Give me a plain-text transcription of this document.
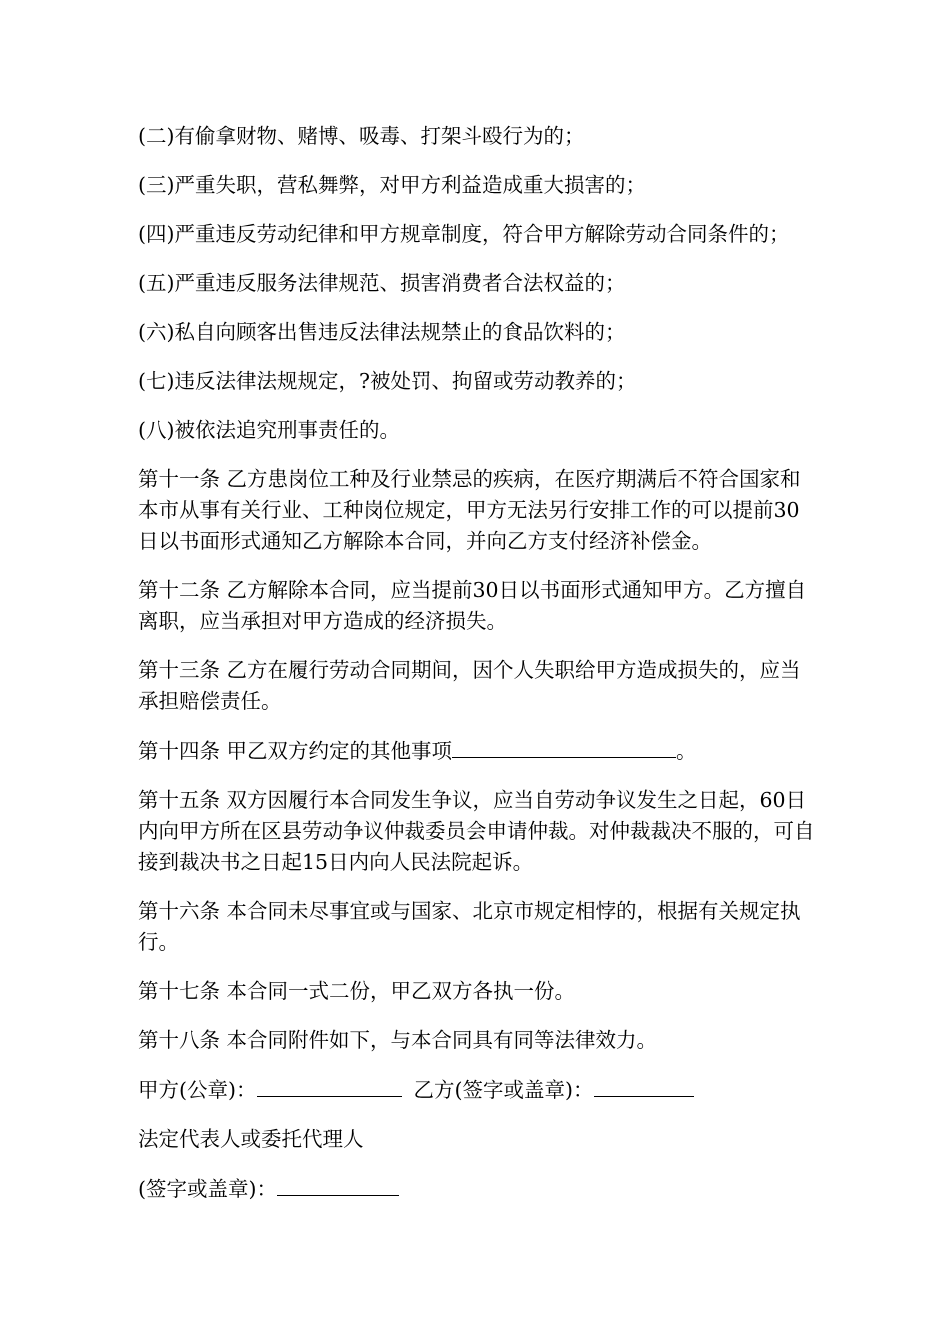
(二)有偷拿财物、赌博、吸毒、打架斗殴行为的；

(三)严重失职，营私舞弊，对甲方利益造成重大损害的；

(四)严重违反劳动纪律和甲方规章制度，符合甲方解除劳动合同条件的；

(五)严重违反服务法律规范、损害消费者合法权益的；

(六)私自向顾客出售违反法律法规禁止的食品饮料的；

(七)违反法律法规规定，?被处罚、拘留或劳动教养的；

(八)被依法追究刑事责任的。

第十一条 乙方患岗位工种及行业禁忌的疾病，在医疗期满后不符合国家和本市从事有关行业、工种岗位规定，甲方无法另行安排工作的可以提前30日以书面形式通知乙方解除本合同，并向乙方支付经济补偿金。

第十二条 乙方解除本合同，应当提前30日以书面形式通知甲方。乙方擅自离职，应当承担对甲方造成的经济损失。

第十三条 乙方在履行劳动合同期间，因个人失职给甲方造成损失的，应当承担赔偿责任。

第十四条 甲乙双方约定的其他事项	。

第十五条 双方因履行本合同发生争议，应当自劳动争议发生之日起，60日内向甲方所在区县劳动争议仲裁委员会申请仲裁。对仲裁裁决不服的，可自接到裁决书之日起15日内向人民法院起诉。

第十六条 本合同未尽事宜或与国家、北京市规定相悖的，根据有关规定执行。

第十七条 本合同一式二份，甲乙双方各执一份。

第十八条 本合同附件如下，与本合同具有同等法律效力。

甲方(公章)：	乙方(签字或盖章)：

法定代表人或委托代理人

(签字或盖章)：
